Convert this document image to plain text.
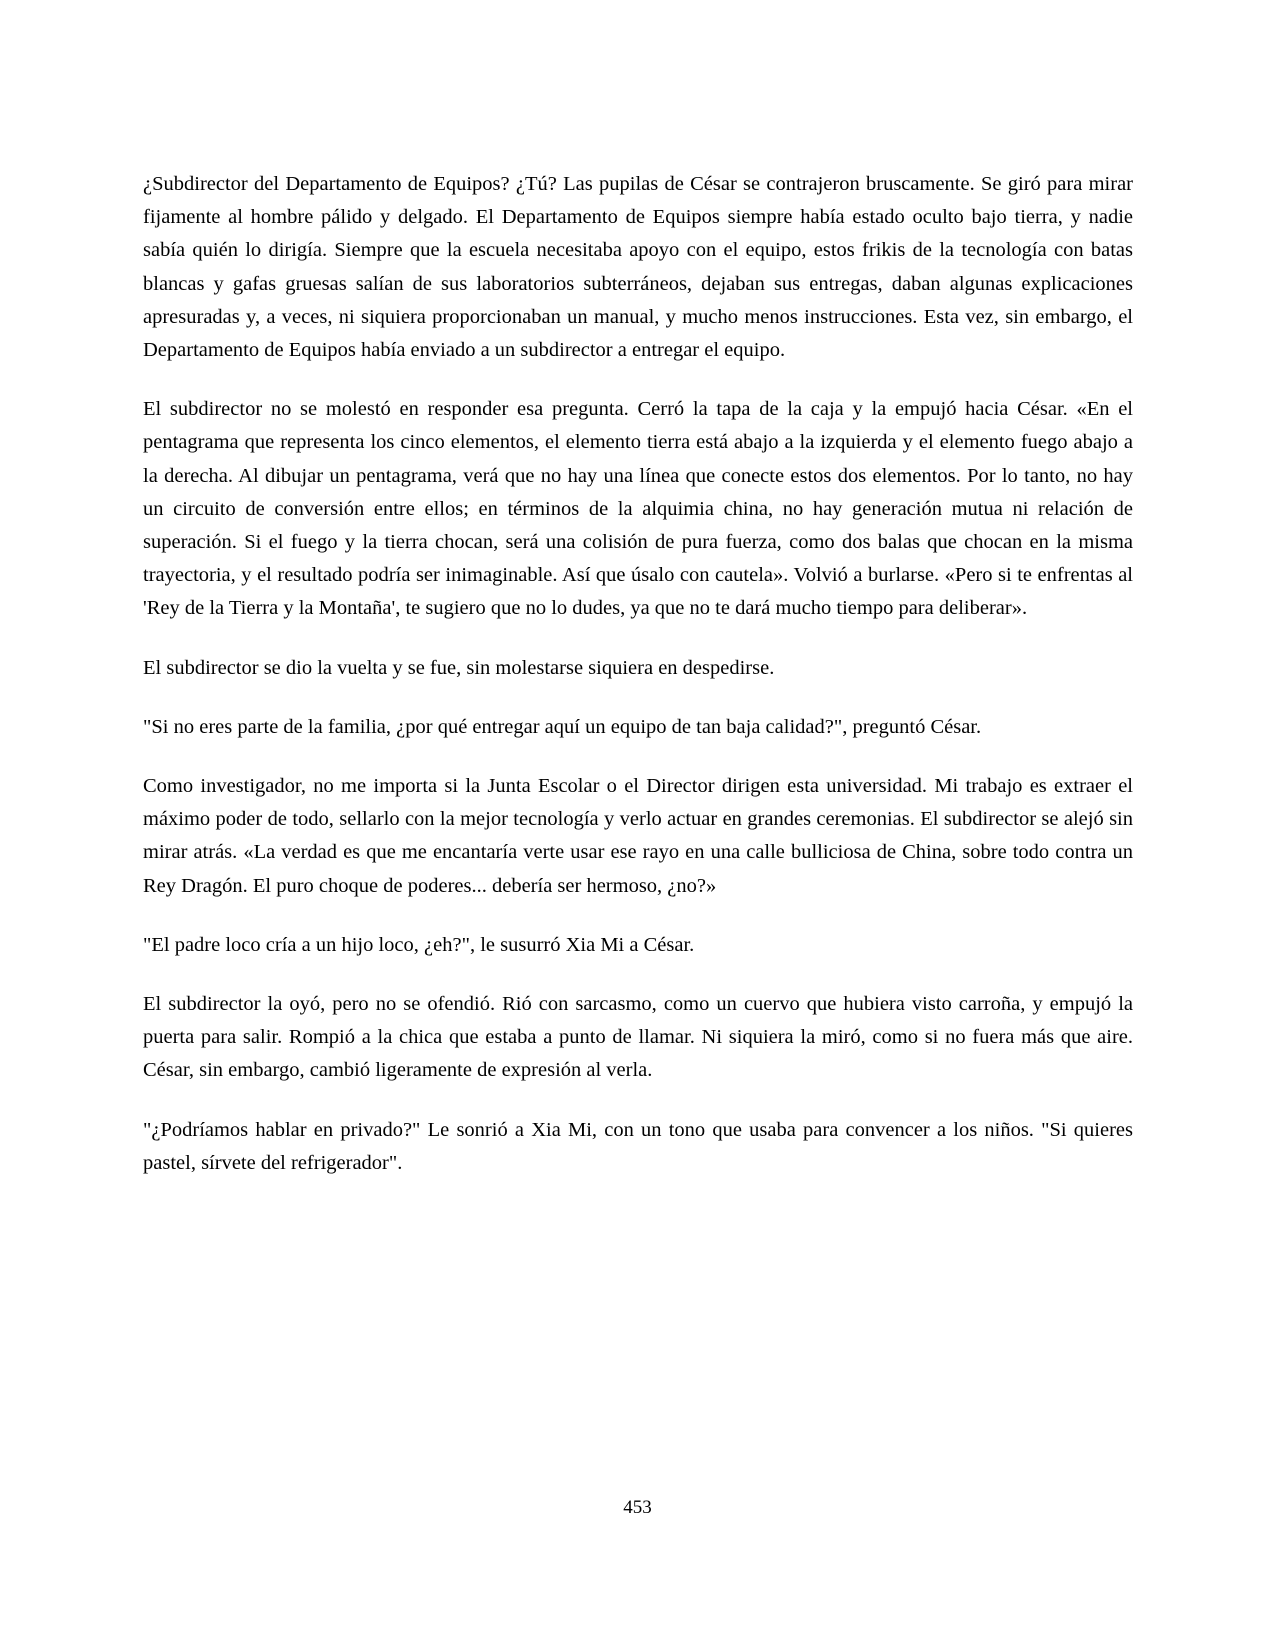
¿Subdirector del Departamento de Equipos? ¿Tú? Las pupilas de César se contrajeron bruscamente. Se giró para mirar fijamente al hombre pálido y delgado. El Departamento de Equipos siempre había estado oculto bajo tierra, y nadie sabía quién lo dirigía. Siempre que la escuela necesitaba apoyo con el equipo, estos frikis de la tecnología con batas blancas y gafas gruesas salían de sus laboratorios subterráneos, dejaban sus entregas, daban algunas explicaciones apresuradas y, a veces, ni siquiera proporcionaban un manual, y mucho menos instrucciones. Esta vez, sin embargo, el Departamento de Equipos había enviado a un subdirector a entregar el equipo.

El subdirector no se molestó en responder esa pregunta. Cerró la tapa de la caja y la empujó hacia César. «En el pentagrama que representa los cinco elementos, el elemento tierra está abajo a la izquierda y el elemento fuego abajo a la derecha. Al dibujar un pentagrama, verá que no hay una línea que conecte estos dos elementos. Por lo tanto, no hay un circuito de conversión entre ellos; en términos de la alquimia china, no hay generación mutua ni relación de superación. Si el fuego y la tierra chocan, será una colisión de pura fuerza, como dos balas que chocan en la misma trayectoria, y el resultado podría ser inimaginable. Así que úsalo con cautela». Volvió a burlarse. «Pero si te enfrentas al 'Rey de la Tierra y la Montaña', te sugiero que no lo dudes, ya que no te dará mucho tiempo para deliberar».

El subdirector se dio la vuelta y se fue, sin molestarse siquiera en despedirse.

"Si no eres parte de la familia, ¿por qué entregar aquí un equipo de tan baja calidad?", preguntó César.

Como investigador, no me importa si la Junta Escolar o el Director dirigen esta universidad. Mi trabajo es extraer el máximo poder de todo, sellarlo con la mejor tecnología y verlo actuar en grandes ceremonias. El subdirector se alejó sin mirar atrás. «La verdad es que me encantaría verte usar ese rayo en una calle bulliciosa de China, sobre todo contra un Rey Dragón. El puro choque de poderes... debería ser hermoso, ¿no?»

"El padre loco cría a un hijo loco, ¿eh?", le susurró Xia Mi a César.

El subdirector la oyó, pero no se ofendió. Rió con sarcasmo, como un cuervo que hubiera visto carroña, y empujó la puerta para salir. Rompió a la chica que estaba a punto de llamar. Ni siquiera la miró, como si no fuera más que aire. César, sin embargo, cambió ligeramente de expresión al verla.

"¿Podríamos hablar en privado?" Le sonrió a Xia Mi, con un tono que usaba para convencer a los niños. "Si quieres pastel, sírvete del refrigerador".

453
